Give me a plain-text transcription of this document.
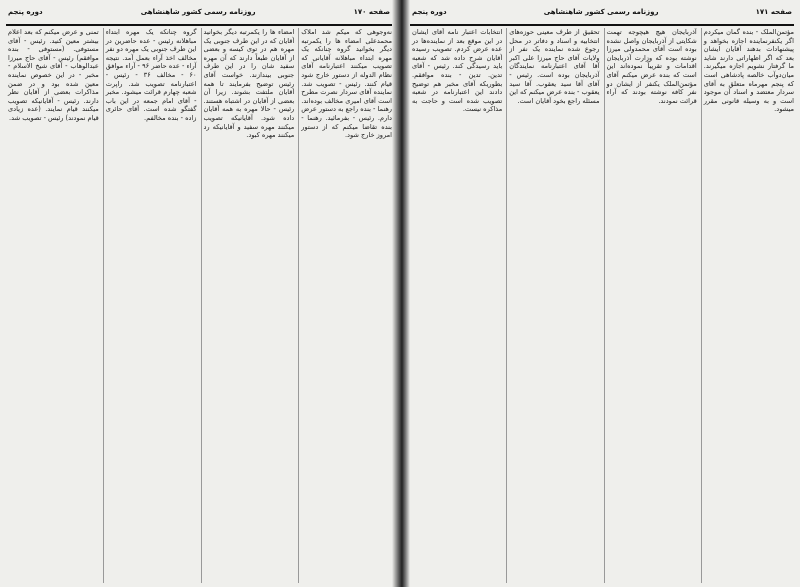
صفحه ۱۷۰
روزنامه رسمی کشور شاهنشاهی
دوره پنجم
نه‌وجوهی که میکم شد املاک محمدعلی امضاء ها را یکمرتبه دیگر بخوانید گروه چنانکه یک مهره ابتداء مباهلانه آقایانی که تصویب میکنند اعتبارنامه آقای نظام الدوله از دستور خارج شود قیام کنند. رئیس - تصویب شد. نماینده آقای سردار نصرت مطرح است آقای امیری مخالف بوده‌اند. رهنما - بنده راجع به دستور عرض دارم. رئیس - بفرمائید. رهنما - بنده تقاضا میکنم که از دستور امروز خارج شود.
امضاء ها را یکمرتبه دیگر بخوانید آقایان که در این طرف جنوبی یک مهره هم در توی کیسه و بعضی از آقایان طبعاً دارند که آن مهره سفید شان را در این طرف جنوبی بیندازند. خواست آقای رئیس توضیح بفرمایند تا همه آقایان ملتفت بشوند. زیرا آن بعضی از آقایان در اشتباه هستند. رئیس - حالا مهره به همه آقایان داده شود. آقایانیکه تصویب میکنند مهره سفید و آقایانیکه رد میکنند مهره کبود.
گروه چنانکه یک مهره ابتداء مباهلانه رئیس - عده حاضرین در این طرف جنوبی یک مهره دو نفر مخالف اخذ آراء بعمل آمد. نتیجه آراء - عده حاضر ۹۶ - آراء موافق ۶۰ - مخالف ۳۶ - رئیس - اعتبارنامه تصویب شد. راپرت شعبه چهارم قرائت میشود. مخبر - آقای امام جمعه در این باب گفتگو شده است. آقای حائری زاده - بنده مخالفم.
تمنی و عرض میکنم که بعد اعلام بیشتر معین کنید. رئیس - آقای مستوفی. (مستوفی - بنده موافقم) رئیس - آقای حاج میرزا عبدالوهاب - آقای شیخ الاسلام - مخبر - در این خصوص نماینده معین شده بود و در ضمن مذاکرات بعضی از آقایان نظر دارند. رئیس - آقایانیکه تصویب میکنند قیام نمایند. (عده زیادی قیام نمودند) رئیس - تصویب شد.
صفحه ۱۷۱
روزنامه رسمی کشور شاهنشاهی
دوره پنجم
مؤتمن‌الملک - بنده گمان میکردم اگر یکنفرنماینده اجازه بخواهد و پیشنهادات بدهند آقایان ایشان بعد که اگر اظهاراتی دارند شاید ما گرفتار نشویم اجازه میگیرند. میان‌دوآب خالصه پادشاهی است که پنجم مهرماه متعلق به آقای سردار معتضد و اسناد آن موجود است و به وسیله قانونی مقرر میشود.
آذربایجان هیچ هیچوجه تهمت شکایتی از آذربایجان واصل نشده بوده است آقای محمدولی میرزا نوشته بوده که وزارت آذربایجان اقدامات و تقریباً نموده‌اند این است که بنده عرض میکنم آقای مؤتمن‌الملک یکنفر از ایشان دو نفر کافه نوشته بودند که آراء قرائت نمودند.
تحقیق از طرف معینی حوزه‌های انتخابیه و اسناد و دفاتر در محل رجوع شده نماینده یک نفر از ولایات آقای حاج میرزا علی اکبر آقا آقای اعتبارنامه نمایندگان آذربایجان بوده است. رئیس - آقای آقا سید یعقوب. آقا سید یعقوب - بنده عرض میکنم که این مسئله راجع بخود آقایان است.
انتخابات اعتبار نامه آقای ایشان در این موقع بعد از نماینده‌ها در عده عرض کردم. تصویب رسیده آقایان شرح داده شد که شعبه باید رسیدگی کند. رئیس - آقای تدین. تدین - بنده موافقم. بطوریکه آقای مخبر هم توضیح دادند این اعتبارنامه در شعبه تصویب شده است و حاجت به مذاکره نیست.
